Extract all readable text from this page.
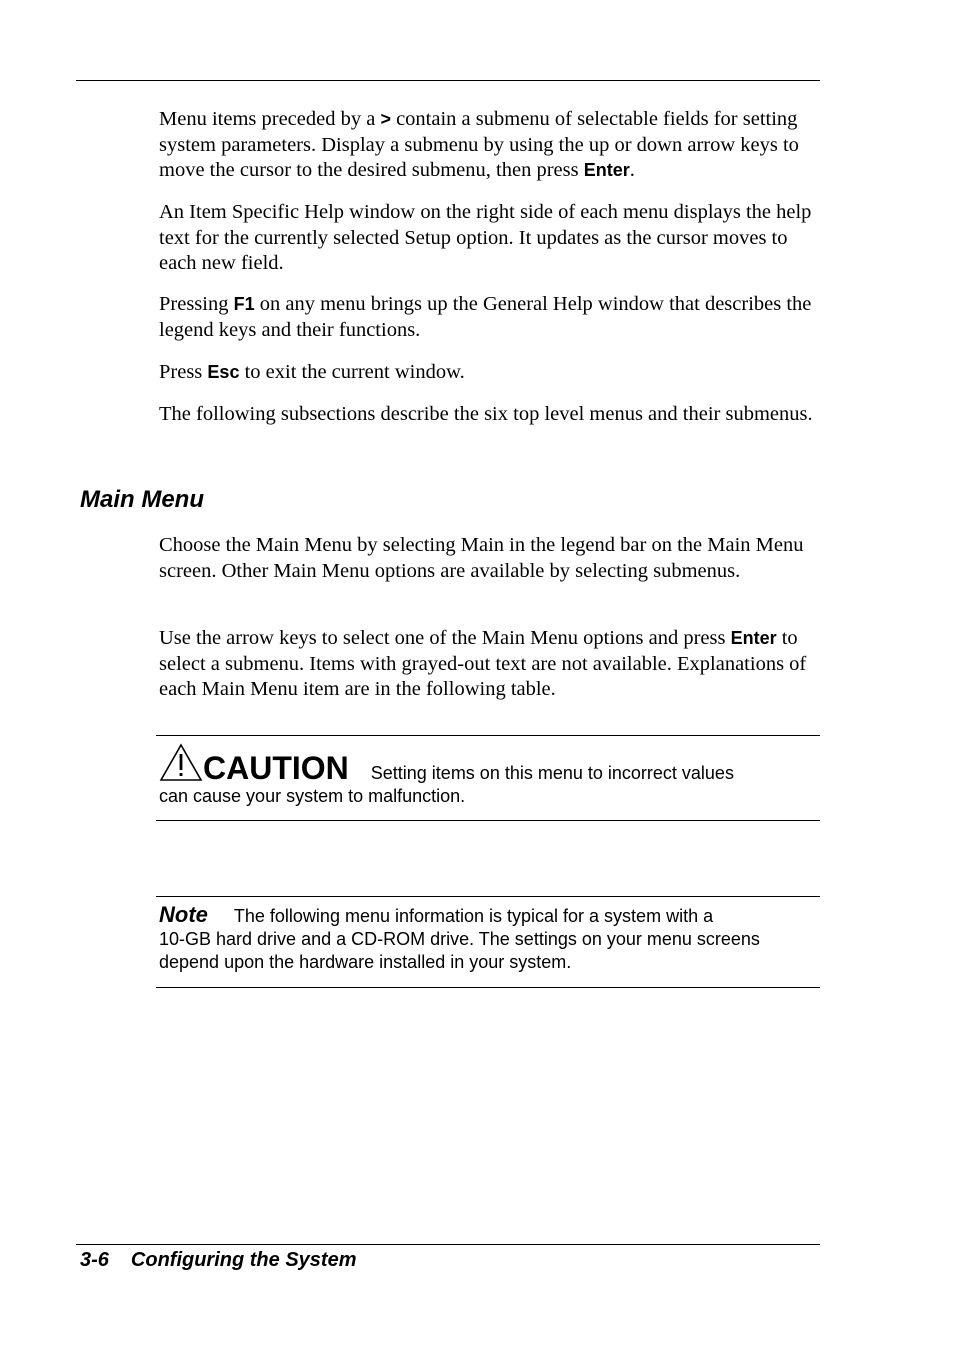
Menu items preceded by a > contain a submenu of selectable fields for setting system parameters. Display a submenu by using the up or down arrow keys to move the cursor to the desired submenu, then press Enter.

An Item Specific Help window on the right side of each menu displays the help text for the currently selected Setup option. It updates as the cursor moves to each new field.

Pressing F1 on any menu brings up the General Help window that describes the legend keys and their functions.

Press Esc to exit the current window.

The following subsections describe the six top level menus and their submenus.

Main Menu

Choose the Main Menu by selecting Main in the legend bar on the Main Menu screen. Other Main Menu options are available by selecting submenus.

Use the arrow keys to select one of the Main Menu options and press Enter to select a submenu. Items with grayed-out text are not available. Explanations of each Main Menu item are in the following table.

CAUTION Setting items on this menu to incorrect values
can cause your system to malfunction.

Note The following menu information is typical for a system with a
10-GB hard drive and a CD-ROM drive. The settings on your menu screens depend upon the hardware installed in your system.

3-6 Configuring the System
